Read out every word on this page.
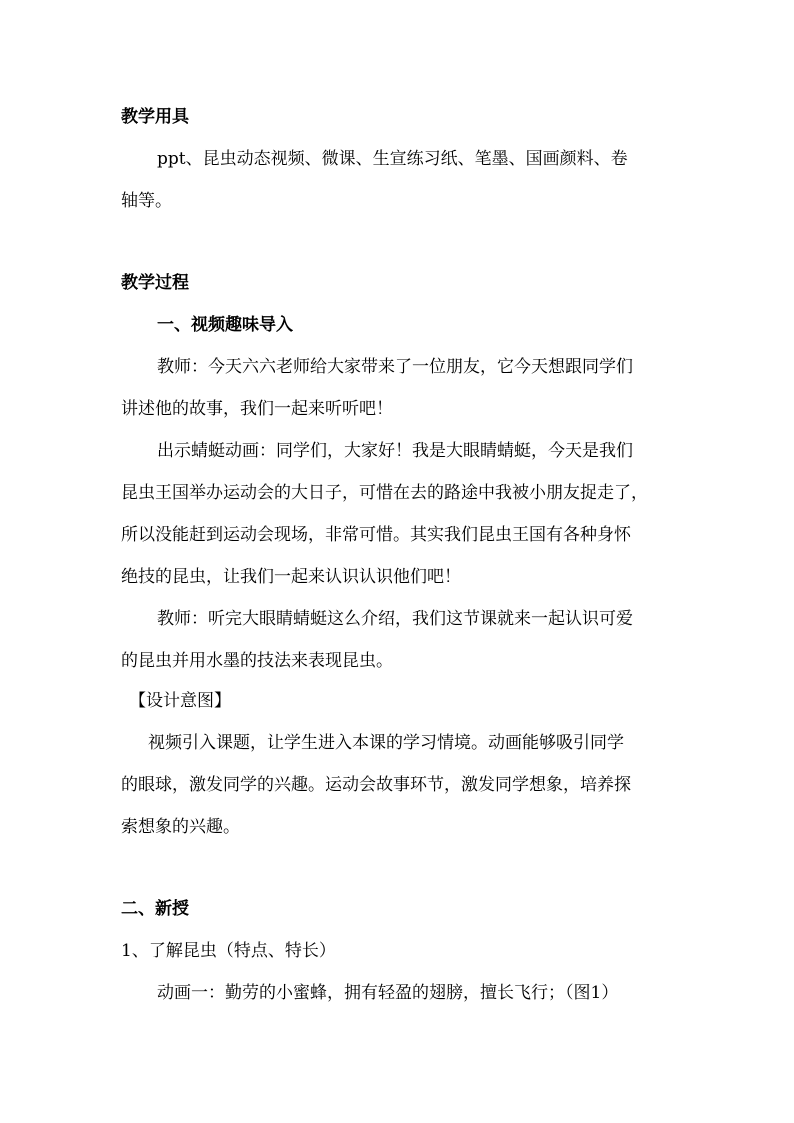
教学用具
ppt、昆虫动态视频、微课、生宣练习纸、笔墨、国画颜料、卷
轴等。
教学过程
一、视频趣味导入
教师：今天六六老师给大家带来了一位朋友，它今天想跟同学们
讲述他的故事，我们一起来听听吧！
出示蜻蜓动画：同学们，大家好！我是大眼睛蜻蜓，今天是我们
昆虫王国举办运动会的大日子，可惜在去的路途中我被小朋友捉走了，
所以没能赶到运动会现场，非常可惜。其实我们昆虫王国有各种身怀
绝技的昆虫，让我们一起来认识认识他们吧！
教师：听完大眼睛蜻蜓这么介绍，我们这节课就来一起认识可爱
的昆虫并用水墨的技法来表现昆虫。
【设计意图】
视频引入课题，让学生进入本课的学习情境。动画能够吸引同学
的眼球，激发同学的兴趣。运动会故事环节，激发同学想象，培养探
索想象的兴趣。
二、新授
1、了解昆虫（特点、特长）
动画一：勤劳的小蜜蜂，拥有轻盈的翅膀，擅长飞行；（图1）
